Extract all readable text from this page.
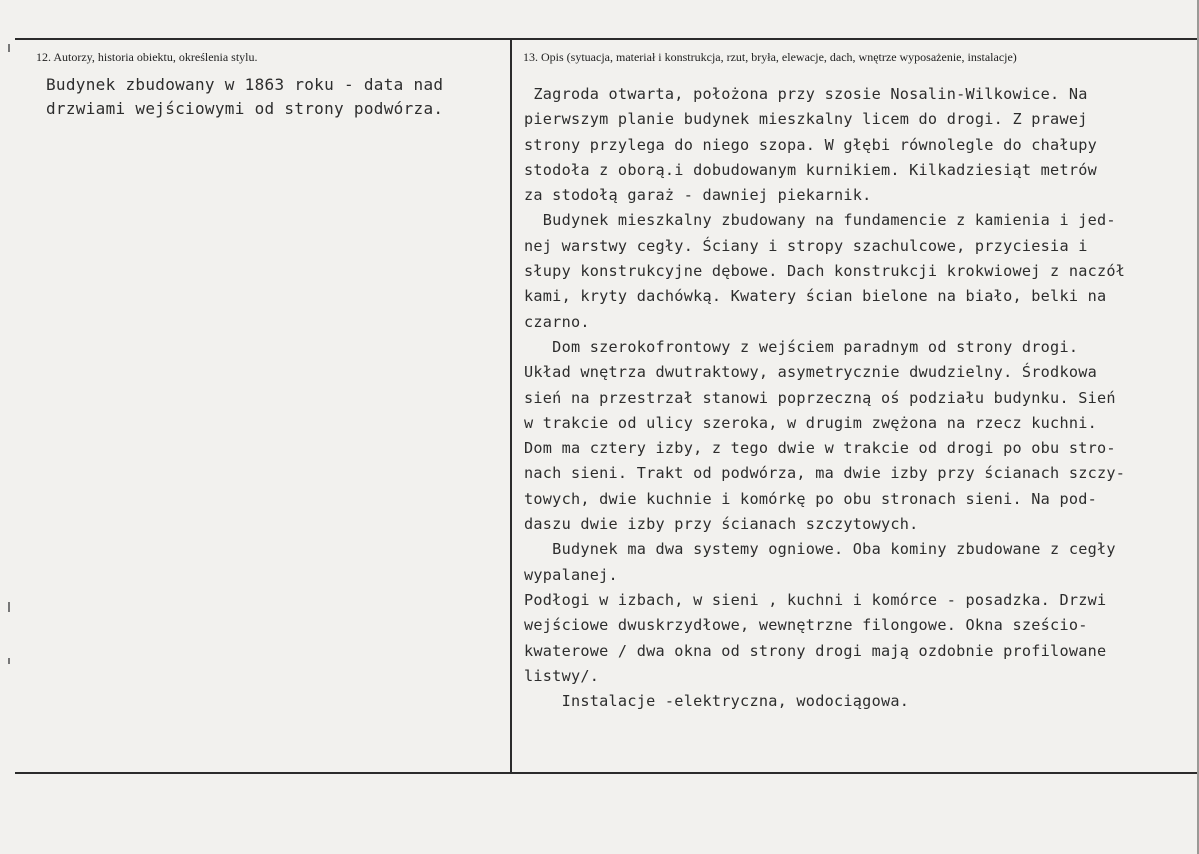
12. Autorzy, historia obiektu, określenia stylu.	13. Opis (sytuacja, materiał i konstrukcja, rzut, bryła, elewacje, dach, wnętrze wyposażenie, instalacje)
Budynek zbudowany w 1863 roku - data nad
drzwiami wejściowymi od strony podwórza.
Zagroda otwarta, położona przy szosie Nosalin-Wilkowice. Na
pierwszym planie budynek mieszkalny licem do drogi. Z prawej
strony przylega do niego szopa. W głębi równolegle do chałupy
stodoła z oborą.i dobudowanym kurnikiem. Kilkadziesiąt metrów
za stodołą garaż - dawniej piekarnik.
Budynek mieszkalny zbudowany na fundamencie z kamienia i jed-
nej warstwy cegły. Ściany i stropy szachulcowe, przyciesia i
słupy konstrukcyjne dębowe. Dach konstrukcji krokwiowej z naczół
kami, kryty dachówką. Kwatery ścian bielone na biało, belki na
czarno.
Dom szerokofrontowy z wejściem paradnym od strony drogi.
Układ wnętrza dwutraktowy, asymetrycznie dwudzielny. Środkowa
sień na przestrzał stanowi poprzeczną oś podziału budynku. Sień
w trakcie od ulicy szeroka, w drugim zwężona na rzecz kuchni.
Dom ma cztery izby, z tego dwie w trakcie od drogi po obu stro-
nach sieni. Trakt od podwórza, ma dwie izby przy ścianach szczy-
towych, dwie kuchnie i komórkę po obu stronach sieni. Na pod-
daszu dwie izby przy ścianach szczytowych.
Budynek ma dwa systemy ogniowe. Oba kominy zbudowane z cegły
wypalanej.
Podłogi w izbach, w sieni , kuchni i komórce - posadzka. Drzwi
wejściowe dwuskrzydłowe, wewnętrzne filongowe. Okna sześcio-
kwaterowe / dwa okna od strony drogi mają ozdobnie profilowane
listwy/.
Instalacje -elektryczna, wodociągowa.
